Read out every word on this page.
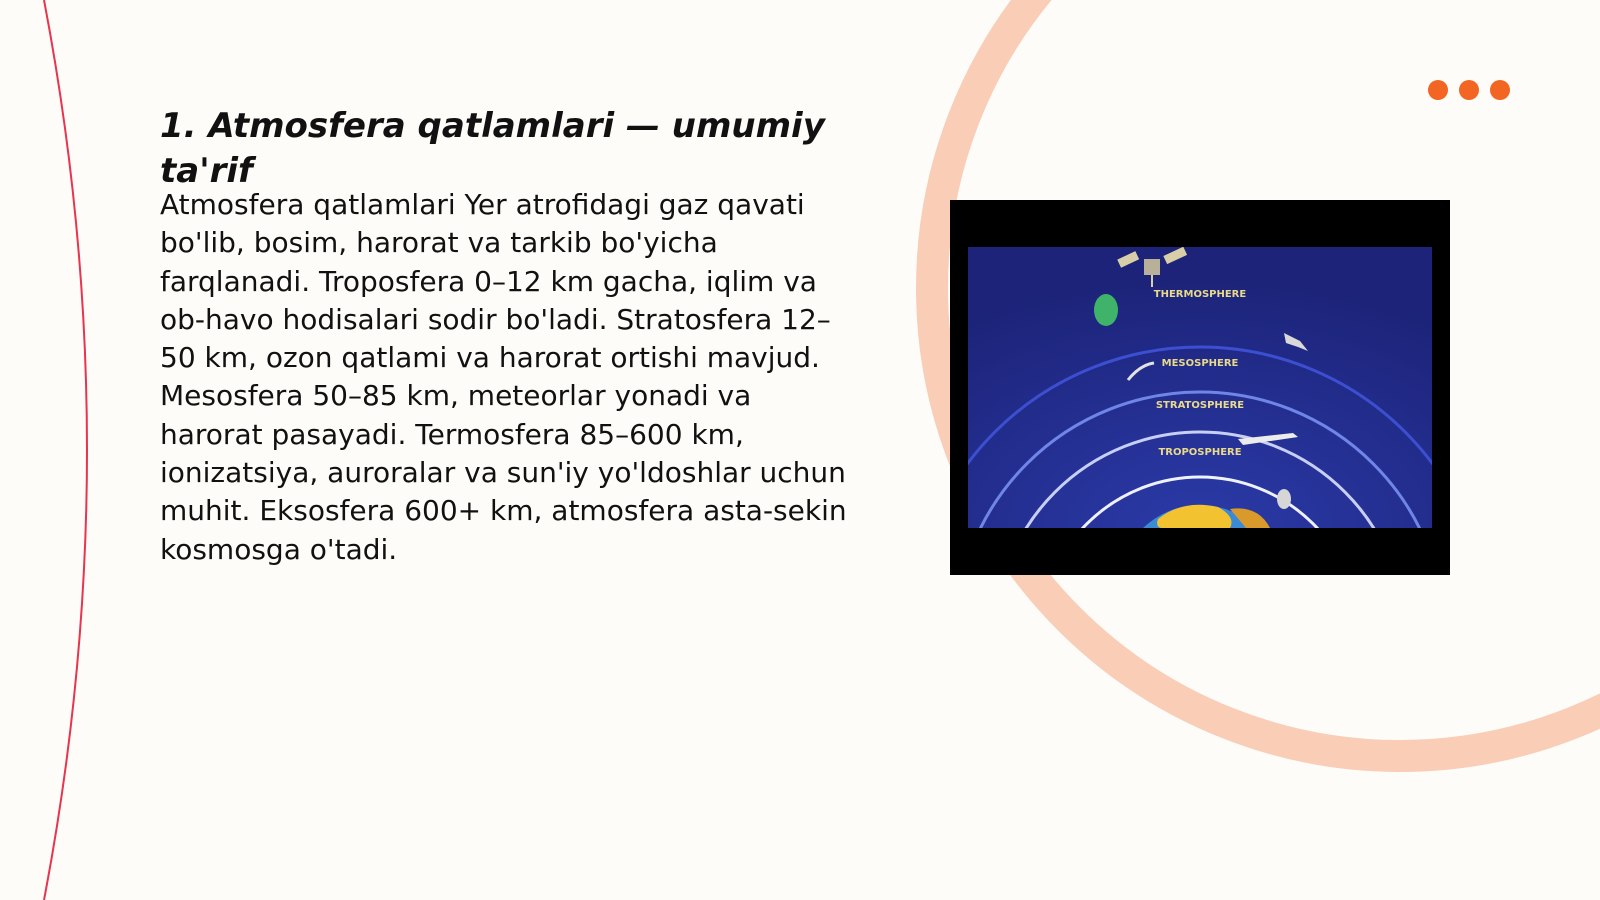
1. Atmosfera qatlamlari — umumiy ta'rif

Atmosfera qatlamlari Yer atrofidagi gaz qavati bo'lib, bosim, harorat va tarkib bo'yicha farqlanadi. Troposfera 0–12 km gacha, iqlim va ob-havo hodisalari sodir bo'ladi. Stratosfera 12–50 km, ozon qatlami va harorat ortishi mavjud. Mesosfera 50–85 km, meteorlar yonadi va harorat pasayadi. Termosfera 85–600 km, ionizatsiya, auroralar va sun'iy yo'ldoshlar uchun muhit. Eksosfera 600+ km, atmosfera asta-sekin kosmosga o'tadi.

THERMOSPHERE
MESOSPHERE
STRATOSPHERE
TROPOSPHERE
